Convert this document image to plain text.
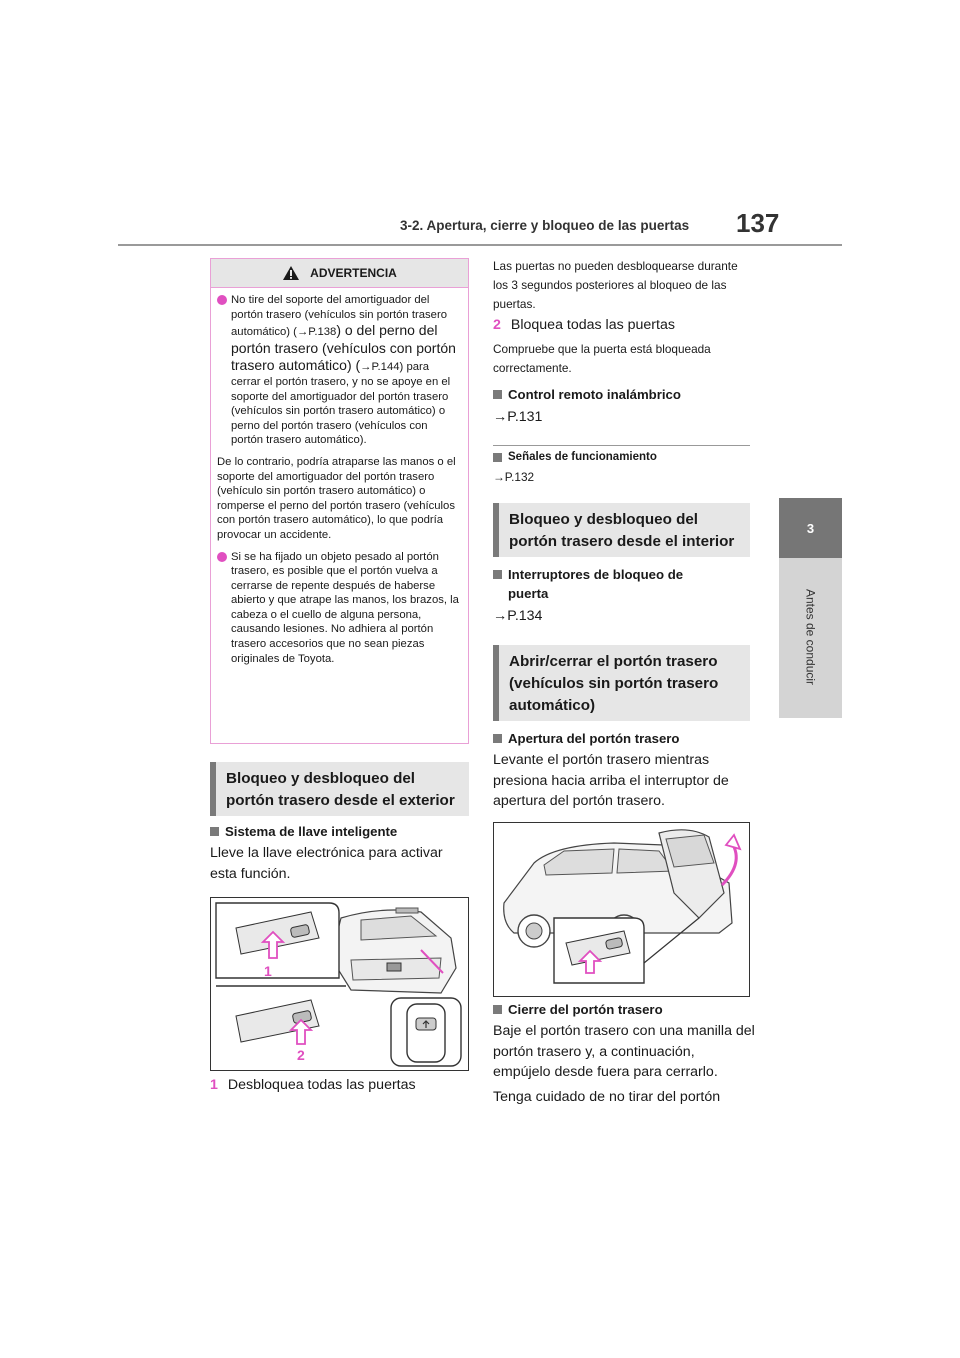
3-2. Apertura, cierre y bloqueo de las puertas 137
3
Antes de conducir
ADVERTENCIA
No tire del soporte del amortiguador del portón trasero (vehículos sin portón trasero automático) (→P.138) o del perno del portón trasero (vehículos con portón trasero automático) (→P.144) para cerrar el portón trasero, y no se apoye en el soporte del amortiguador del portón trasero (vehículos sin portón trasero automático) o perno del portón trasero (vehículos con portón trasero automático).

De lo contrario, podría atraparse las manos o el soporte del amortiguador del portón trasero (vehículo sin portón trasero automático) o romperse el perno del portón trasero (vehículos con portón trasero automático), lo que podría provocar un accidente.

Si se ha fijado un objeto pesado al portón trasero, es posible que el portón vuelva a cerrarse de repente después de haberse abierto y que atrape las manos, los brazos, la cabeza o el cuello de alguna persona, causando lesiones. No adhiera al portón trasero accesorios que no sean piezas originales de Toyota.
Bloqueo y desbloqueo del portón trasero desde el exterior
Sistema de llave inteligente
Lleve la llave electrónica para activar esta función.
1
2
1 Desbloquea todas las puertas
Las puertas no pueden desbloquearse durante los 3 segundos posteriores al bloqueo de las puertas.
2 Bloquea todas las puertas
Compruebe que la puerta está bloqueada correctamente.
Control remoto inalámbrico
→P.131
Señales de funcionamiento
→P.132
Bloqueo y desbloqueo del portón trasero desde el interior
Interruptores de bloqueo de
puerta
→P.134
Abrir/cerrar el portón trasero (vehículos sin portón trasero automático)
Apertura del portón trasero
Levante el portón trasero mientras presiona hacia arriba el interruptor de apertura del portón trasero.
Cierre del portón trasero
Baje el portón trasero con una manilla del portón trasero y, a continuación, empújelo desde fuera para cerrarlo.
Tenga cuidado de no tirar del portón
